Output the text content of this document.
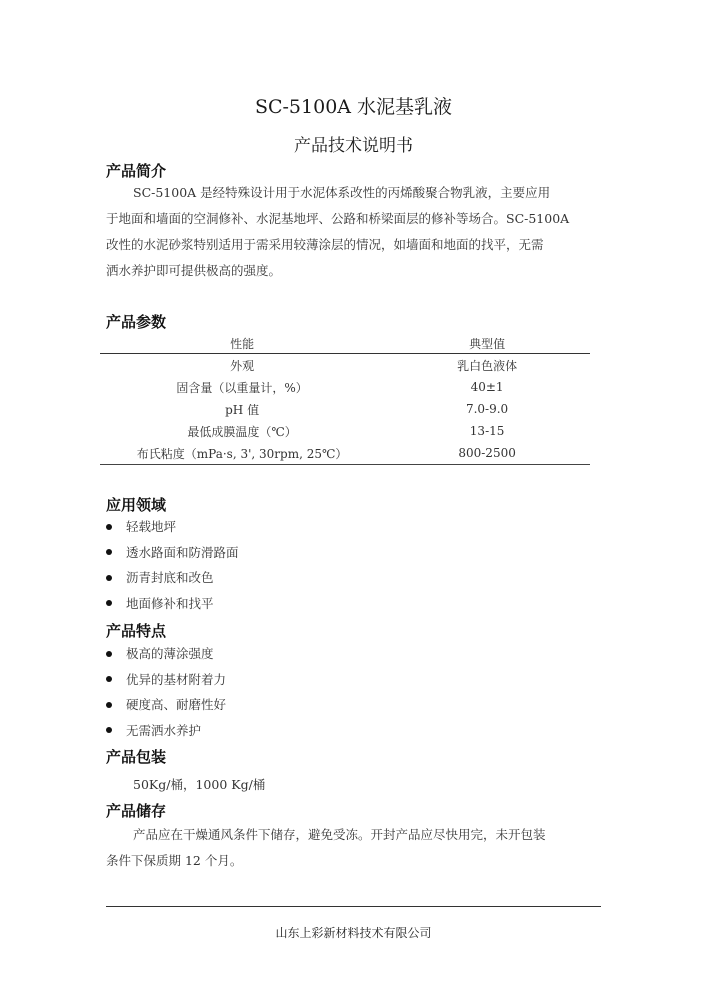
SC-5100A 水泥基乳液
产品技术说明书
产品简介
SC-5100A 是经特殊设计用于水泥体系改性的丙烯酸聚合物乳液，主要应用
于地面和墙面的空洞修补、水泥基地坪、公路和桥梁面层的修补等场合。SC-5100A
改性的水泥砂浆特别适用于需采用较薄涂层的情况，如墙面和地面的找平，无需
洒水养护即可提供极高的强度。
产品参数
性能	典型值
外观	乳白色液体
固含量（以重量计，%）	40±1
pH 值	7.0-9.0
最低成膜温度（℃）	13-15
布氏粘度（mPa·s, 3', 30rpm, 25℃）	800-2500
应用领域
轻载地坪
透水路面和防滑路面
沥青封底和改色
地面修补和找平
产品特点
极高的薄涂强度
优异的基材附着力
硬度高、耐磨性好
无需洒水养护
产品包装
50Kg/桶，1000 Kg/桶
产品储存
产品应在干燥通风条件下储存，避免受冻。开封产品应尽快用完，未开包装
条件下保质期 12 个月。
山东上彩新材料技术有限公司
